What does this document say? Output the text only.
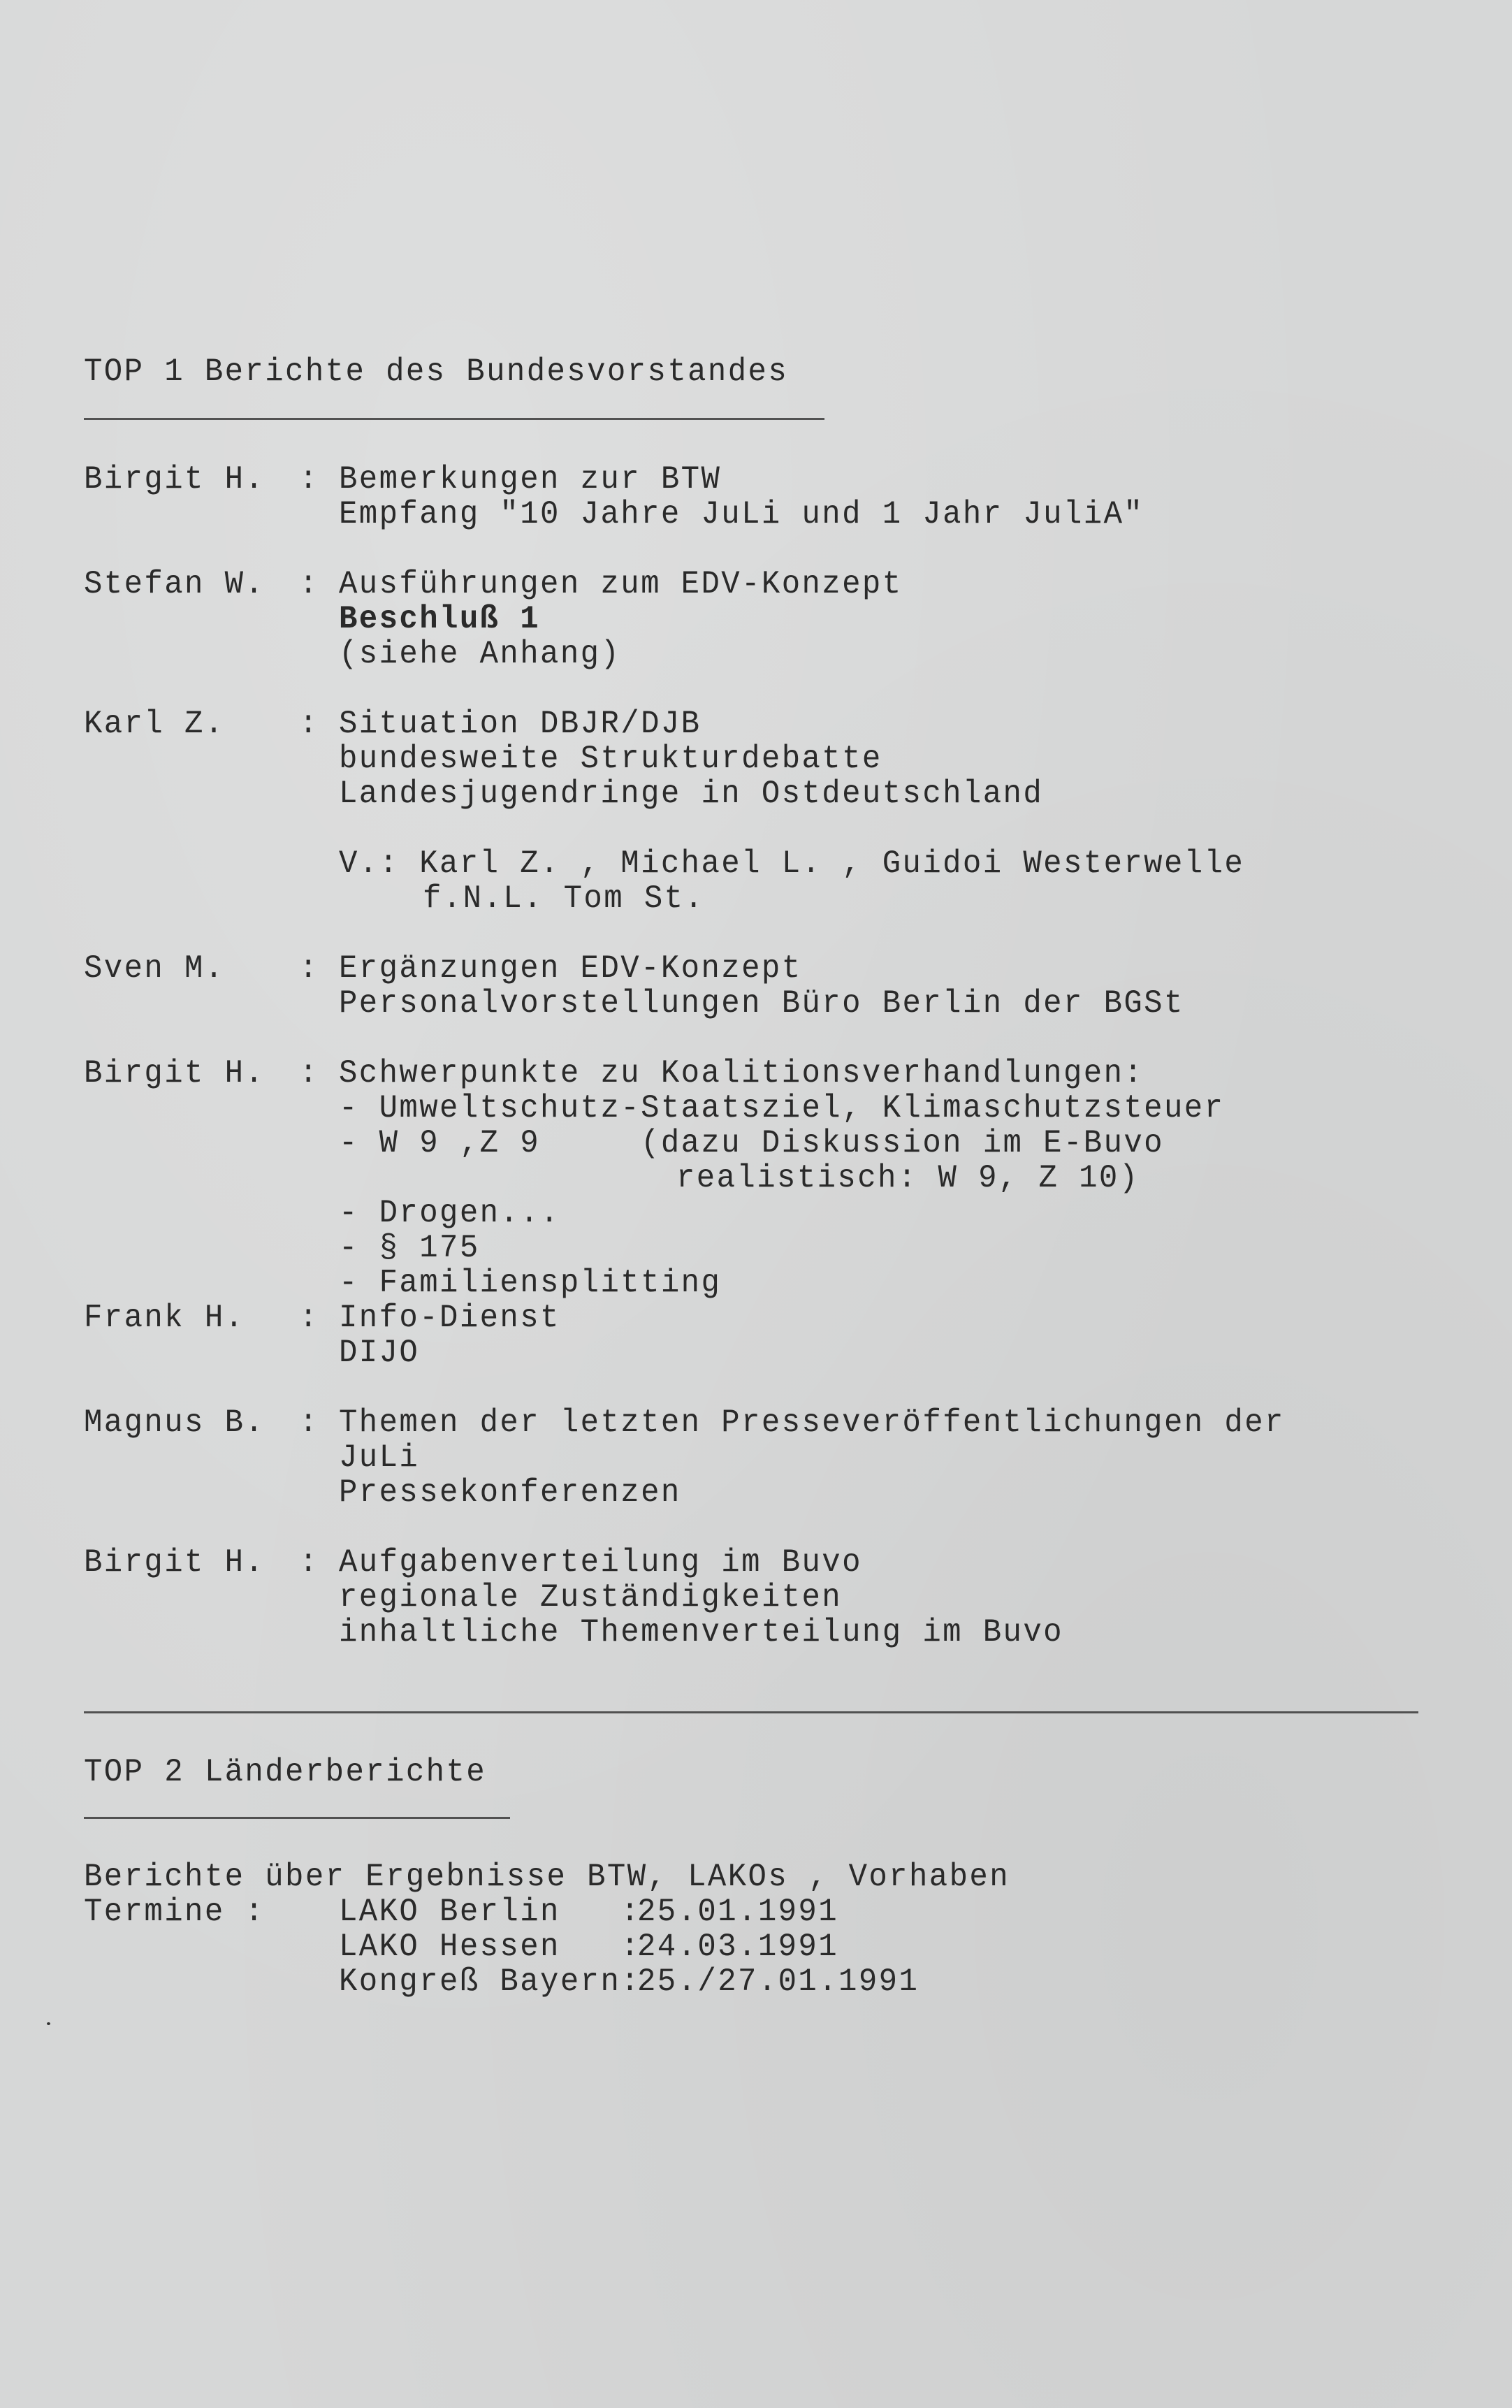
TOP 1 Berichte des Bundesvorstandes
Birgit H. : Bemerkungen zur BTW
Empfang "10 Jahre JuLi und 1 Jahr JuliA"
Stefan W. : Ausführungen zum EDV-Konzept
Beschluß 1
(siehe Anhang)
Karl Z. : Situation DBJR/DJB
bundesweite Strukturdebatte
Landesjugendringe in Ostdeutschland
V.: Karl Z. , Michael L. , Guidoi Westerwelle
f.N.L. Tom St.
Sven M. : Ergänzungen EDV-Konzept
Personalvorstellungen Büro Berlin der BGSt
Birgit H. : Schwerpunkte zu Koalitionsverhandlungen:
- Umweltschutz-Staatsziel, Klimaschutzsteuer
- W 9 ,Z 9     (dazu Diskussion im E-Buvo
realistisch: W 9, Z 10)
- Drogen...
- § 175
- Familiensplitting
Frank H. : Info-Dienst
DIJO
Magnus B. : Themen der letzten Presseveröffentlichungen der
JuLi
Pressekonferenzen
Birgit H. : Aufgabenverteilung im Buvo
regionale Zuständigkeiten
inhaltliche Themenverteilung im Buvo
TOP 2 Länderberichte
Berichte über Ergebnisse BTW, LAKOs , Vorhaben
Termine : LAKO Berlin   :
25.01.1991
LAKO Hessen   :
24.03.1991
Kongreß Bayern:
25./27.01.1991
